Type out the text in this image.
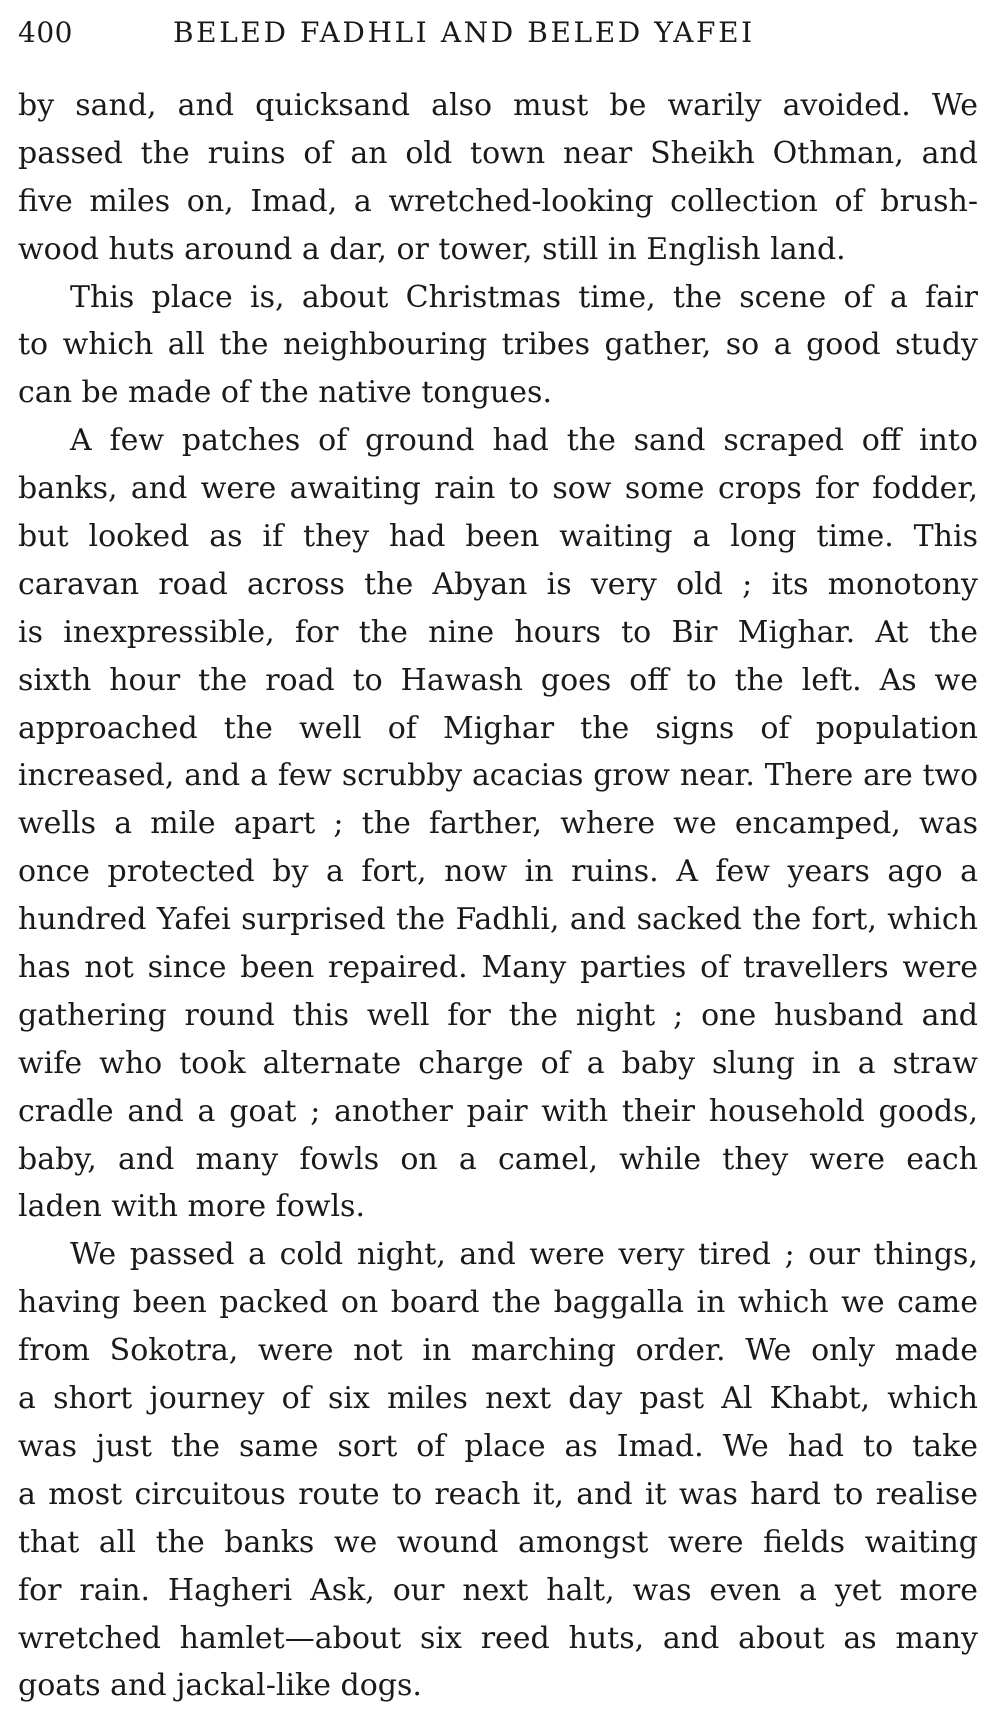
400	BELED FADHLI AND BELED YAFEI
by sand, and quicksand also must be warily avoided. We
passed the ruins of an old town near Sheikh Othman, and
five miles on, Imad, a wretched-looking collection of brush-
wood huts around a dar, or tower, still in English land.
This place is, about Christmas time, the scene of a fair
to which all the neighbouring tribes gather, so a good study
can be made of the native tongues.
A few patches of ground had the sand scraped off into
banks, and were awaiting rain to sow some crops for fodder,
but looked as if they had been waiting a long time. This
caravan road across the Abyan is very old ; its monotony
is inexpressible, for the nine hours to Bir Mighar. At the
sixth hour the road to Hawash goes off to the left. As we
approached the well of Mighar the signs of population
increased, and a few scrubby acacias grow near. There are two
wells a mile apart ; the farther, where we encamped, was
once protected by a fort, now in ruins. A few years ago a
hundred Yafei surprised the Fadhli, and sacked the fort, which
has not since been repaired. Many parties of travellers were
gathering round this well for the night ; one husband and
wife who took alternate charge of a baby slung in a straw
cradle and a goat ; another pair with their household goods,
baby, and many fowls on a camel, while they were each
laden with more fowls.
We passed a cold night, and were very tired ; our things,
having been packed on board the baggalla in which we came
from Sokotra, were not in marching order. We only made
a short journey of six miles next day past Al Khabt, which
was just the same sort of place as Imad. We had to take
a most circuitous route to reach it, and it was hard to realise
that all the banks we wound amongst were fields waiting
for rain. Hagheri Ask, our next halt, was even a yet more
wretched hamlet—about six reed huts, and about as many
goats and jackal-like dogs.
